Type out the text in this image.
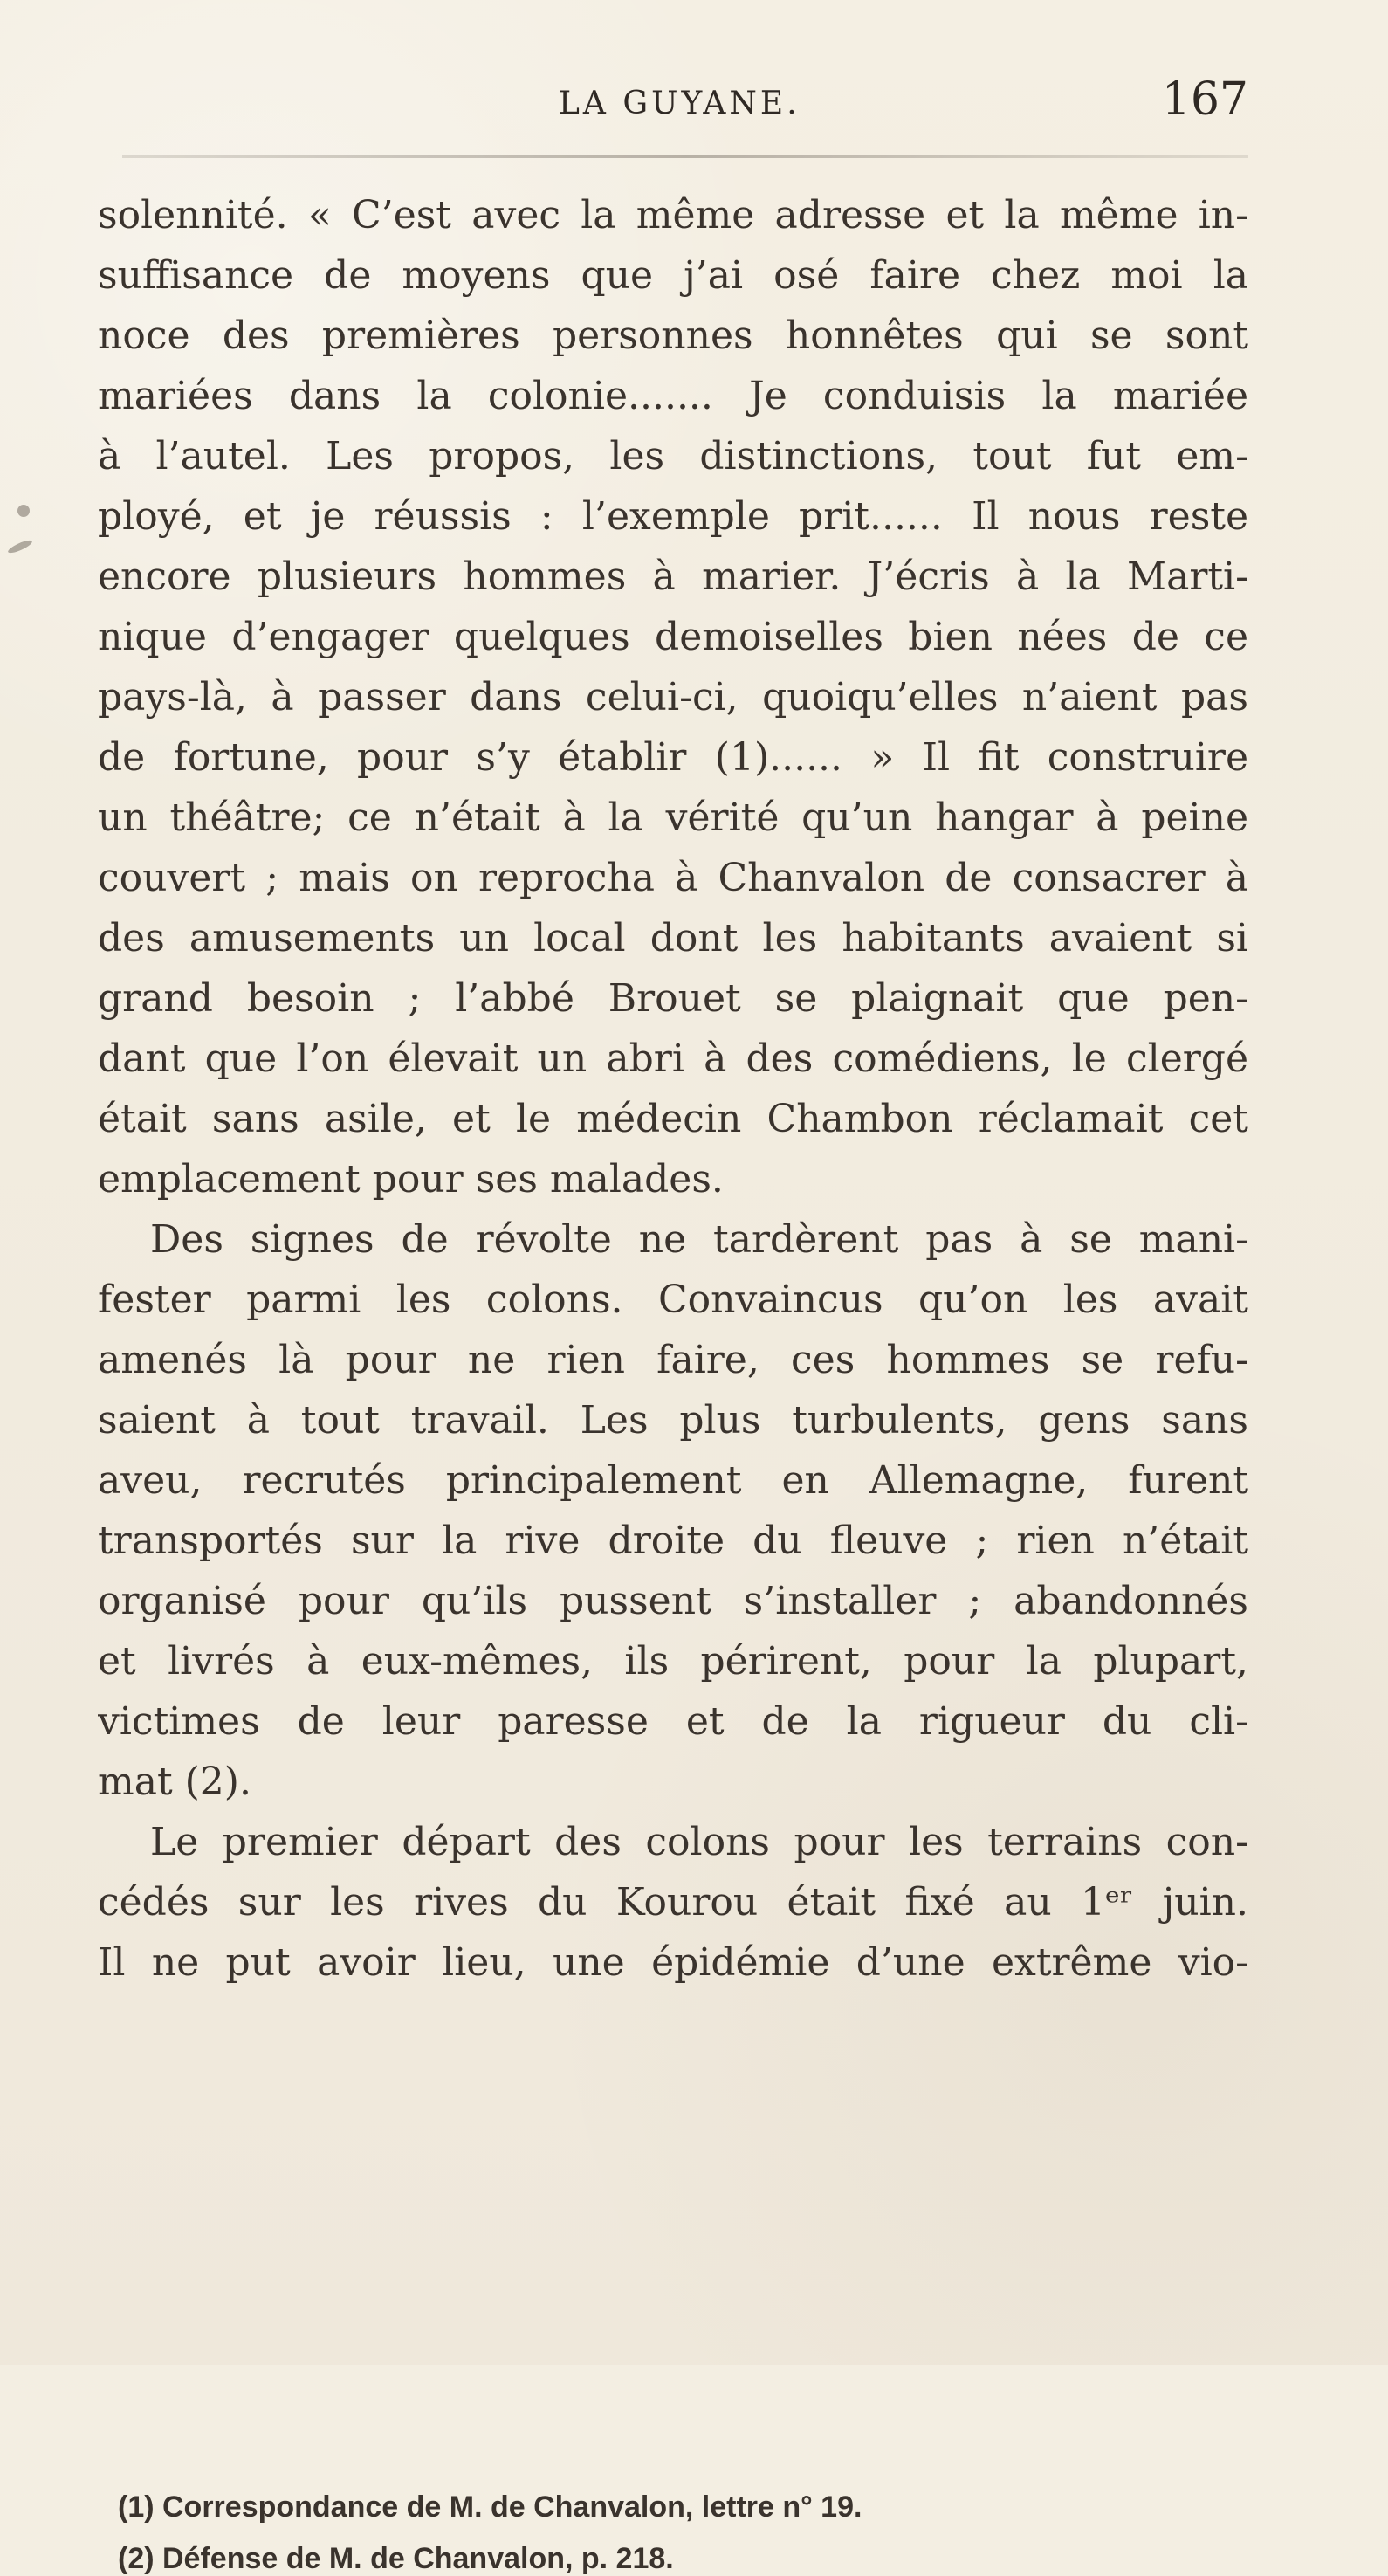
LA GUYANE.	167
solennité. « C’est avec la même adresse et la même in-
suffisance de moyens que j’ai osé faire chez moi la
noce des premières personnes honnêtes qui se sont
mariées dans la colonie....... Je conduisis la mariée
à l’autel. Les propos, les distinctions, tout fut em-
ployé, et je réussis : l’exemple prit...... Il nous reste
encore plusieurs hommes à marier. J’écris à la Marti-
nique d’engager quelques demoiselles bien nées de ce
pays-là, à passer dans celui-ci, quoiqu’elles n’aient pas
de fortune, pour s’y établir (1)...... » Il fit construire
un théâtre; ce n’était à la vérité qu’un hangar à peine
couvert ; mais on reprocha à Chanvalon de consacrer à
des amusements un local dont les habitants avaient si
grand besoin ; l’abbé Brouet se plaignait que pen-
dant que l’on élevait un abri à des comédiens, le clergé
était sans asile, et le médecin Chambon réclamait cet
emplacement pour ses malades.
Des signes de révolte ne tardèrent pas à se mani-
fester parmi les colons. Convaincus qu’on les avait
amenés là pour ne rien faire, ces hommes se refu-
saient à tout travail. Les plus turbulents, gens sans
aveu, recrutés principalement en Allemagne, furent
transportés sur la rive droite du fleuve ; rien n’était
organisé pour qu’ils pussent s’installer ; abandonnés
et livrés à eux-mêmes, ils périrent, pour la plupart,
victimes de leur paresse et de la rigueur du cli-
mat (2).
Le premier départ des colons pour les terrains con-
cédés sur les rives du Kourou était fixé au 1ᵉʳ juin.
Il ne put avoir lieu, une épidémie d’une extrême vio-
(1) Correspondance de M. de Chanvalon, lettre n° 19.
(2) Défense de M. de Chanvalon, p. 218.
